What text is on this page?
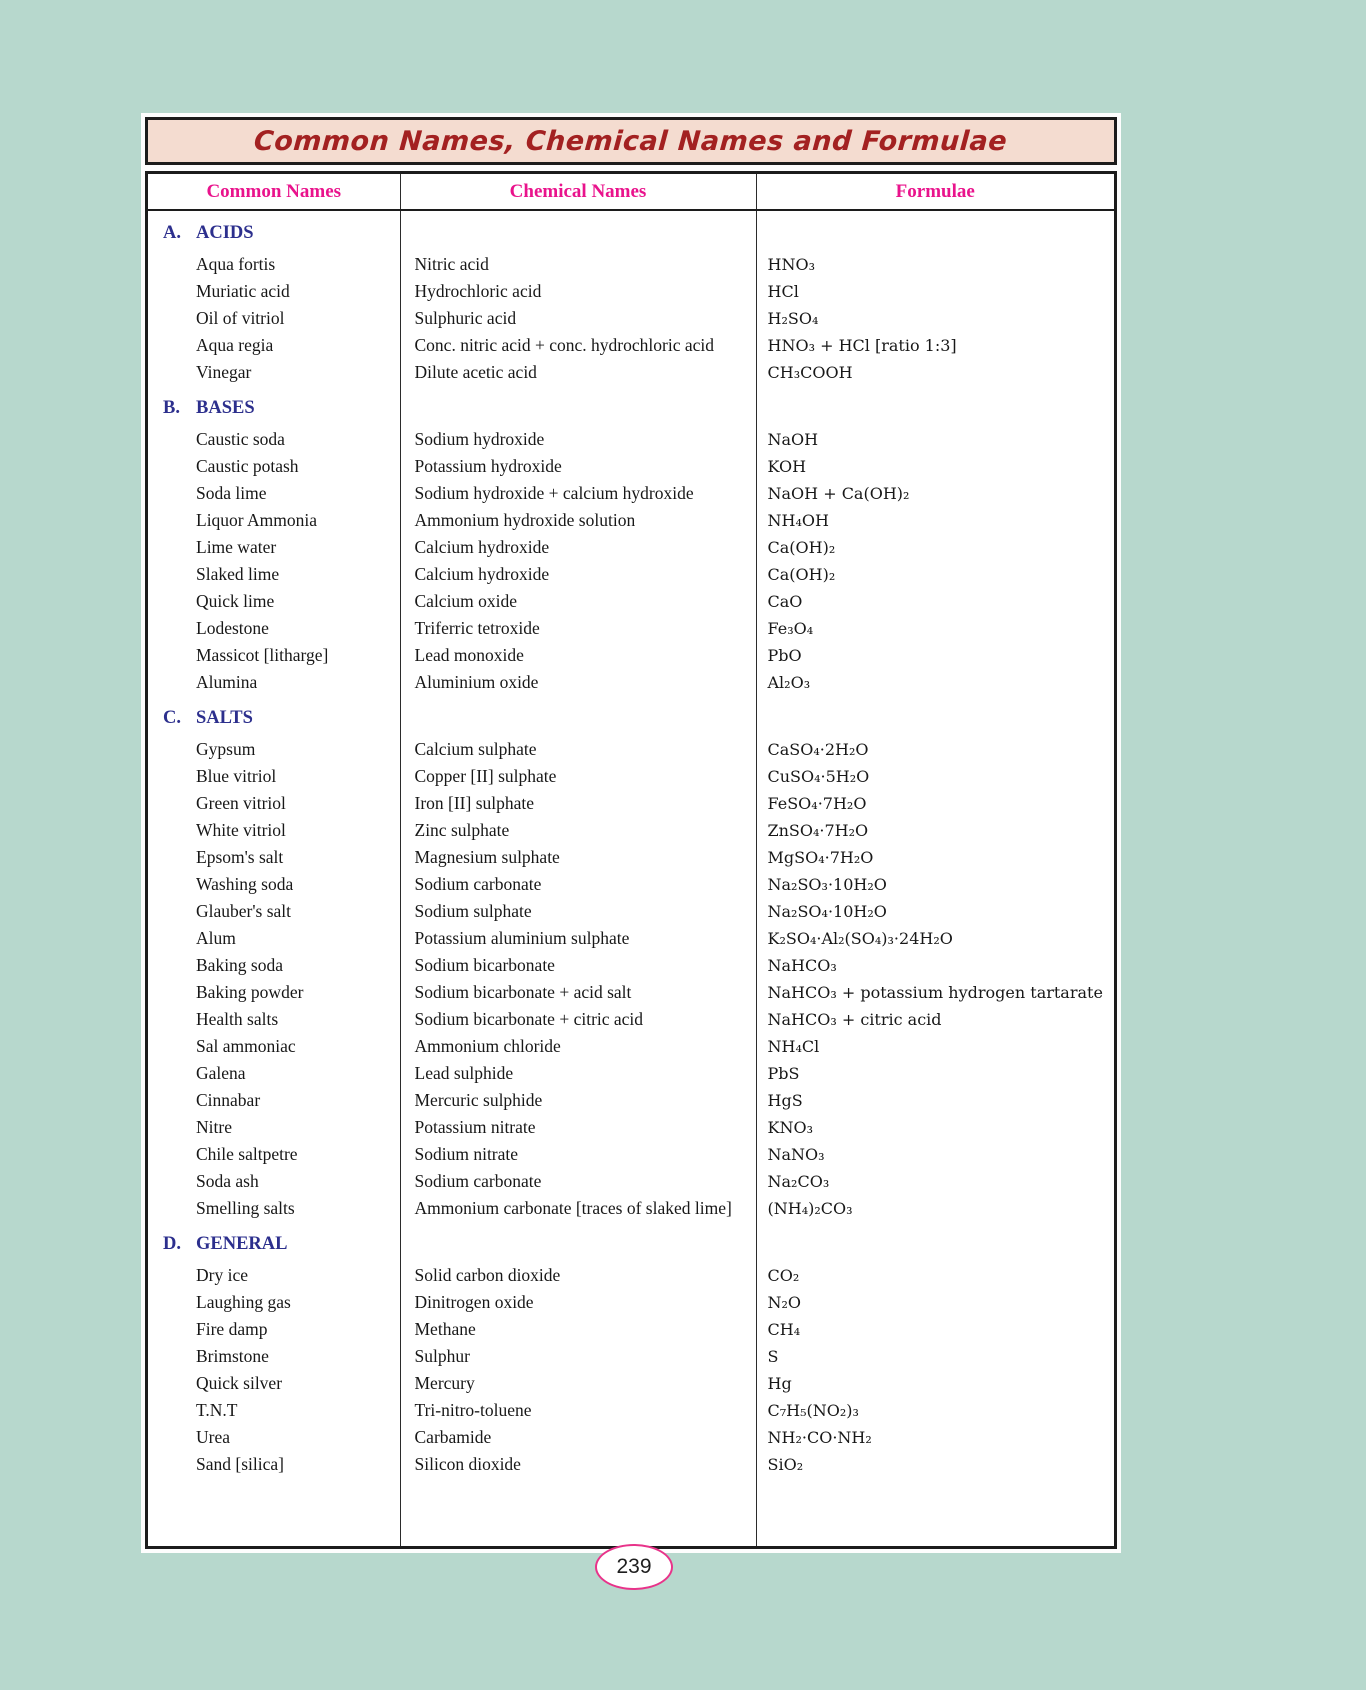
Common Names, Chemical Names and Formulae
Common Names	Chemical Names	Formulae
A. ACIDS		
Aqua fortis	Nitric acid	HNO₃
Muriatic acid	Hydrochloric acid	HCl
Oil of vitriol	Sulphuric acid	H₂SO₄
Aqua regia	Conc. nitric acid + conc. hydrochloric acid	HNO₃ + HCl [ratio 1:3]
Vinegar	Dilute acetic acid	CH₃COOH
B. BASES		
Caustic soda	Sodium hydroxide	NaOH
Caustic potash	Potassium hydroxide	KOH
Soda lime	Sodium hydroxide + calcium hydroxide	NaOH + Ca(OH)₂
Liquor Ammonia	Ammonium hydroxide solution	NH₄OH
Lime water	Calcium hydroxide	Ca(OH)₂
Slaked lime	Calcium hydroxide	Ca(OH)₂
Quick lime	Calcium oxide	CaO
Lodestone	Triferric tetroxide	Fe₃O₄
Massicot [litharge]	Lead monoxide	PbO
Alumina	Aluminium oxide	Al₂O₃
C. SALTS		
Gypsum	Calcium sulphate	CaSO₄·2H₂O
Blue vitriol	Copper [II] sulphate	CuSO₄·5H₂O
Green vitriol	Iron [II] sulphate	FeSO₄·7H₂O
White vitriol	Zinc sulphate	ZnSO₄·7H₂O
Epsom's salt	Magnesium sulphate	MgSO₄·7H₂O
Washing soda	Sodium carbonate	Na₂SO₃·10H₂O
Glauber's salt	Sodium sulphate	Na₂SO₄·10H₂O
Alum	Potassium aluminium sulphate	K₂SO₄·Al₂(SO₄)₃·24H₂O
Baking soda	Sodium bicarbonate	NaHCO₃
Baking powder	Sodium bicarbonate + acid salt	NaHCO₃ + potassium hydrogen tartarate
Health salts	Sodium bicarbonate + citric acid	NaHCO₃ + citric acid
Sal ammoniac	Ammonium chloride	NH₄Cl
Galena	Lead sulphide	PbS
Cinnabar	Mercuric sulphide	HgS
Nitre	Potassium nitrate	KNO₃
Chile saltpetre	Sodium nitrate	NaNO₃
Soda ash	Sodium carbonate	Na₂CO₃
Smelling salts	Ammonium carbonate [traces of slaked lime]	(NH₄)₂CO₃
D. GENERAL		
Dry ice	Solid carbon dioxide	CO₂
Laughing gas	Dinitrogen oxide	N₂O
Fire damp	Methane	CH₄
Brimstone	Sulphur	S
Quick silver	Mercury	Hg
T.N.T	Tri-nitro-toluene	C₇H₅(NO₂)₃
Urea	Carbamide	NH₂·CO·NH₂
Sand [silica]	Silicon dioxide	SiO₂

239
